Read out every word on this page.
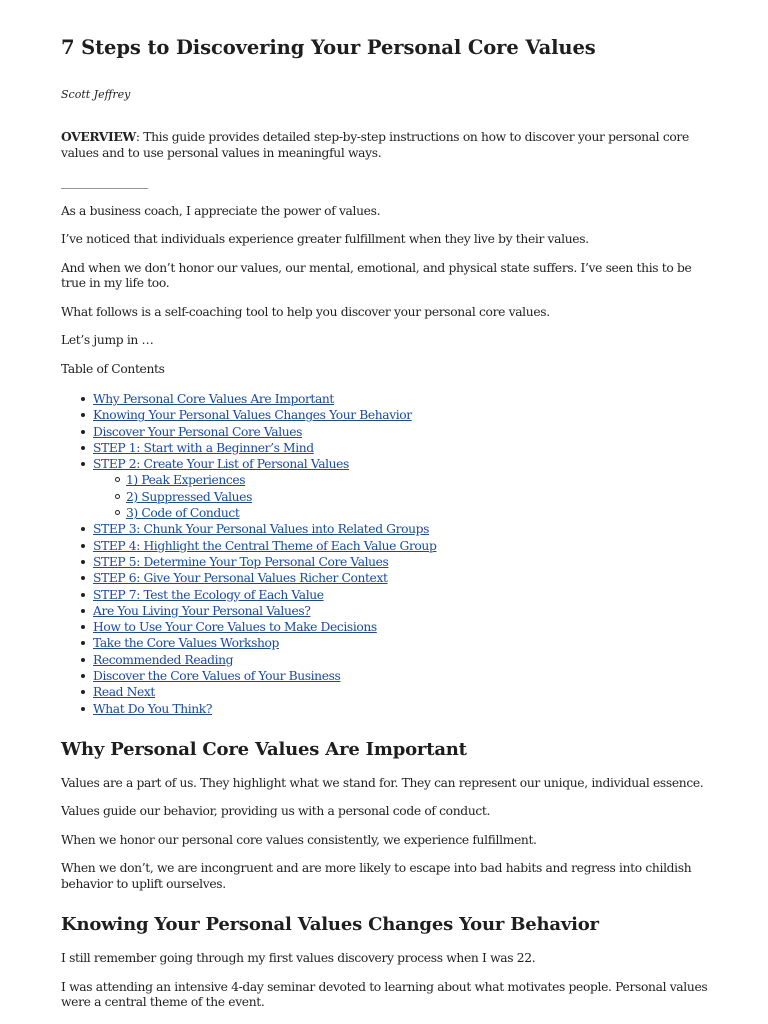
7 Steps to Discovering Your Personal Core Values
Scott Jeffrey

OVERVIEW: This guide provides detailed step-by-step instructions on how to discover your personal core values and to use personal values in meaningful ways.

_______________

As a business coach, I appreciate the power of values.

I’ve noticed that individuals experience greater fulfillment when they live by their values.

And when we don’t honor our values, our mental, emotional, and physical state suffers. I’ve seen this to be true in my life too.

What follows is a self-coaching tool to help you discover your personal core values.

Let’s jump in …

Table of Contents

Why Personal Core Values Are Important
Knowing Your Personal Values Changes Your Behavior
Discover Your Personal Core Values
STEP 1: Start with a Beginner’s Mind
STEP 2: Create Your List of Personal Values
1) Peak Experiences
2) Suppressed Values
3) Code of Conduct
STEP 3: Chunk Your Personal Values into Related Groups
STEP 4: Highlight the Central Theme of Each Value Group
STEP 5: Determine Your Top Personal Core Values
STEP 6: Give Your Personal Values Richer Context
STEP 7: Test the Ecology of Each Value
Are You Living Your Personal Values?
How to Use Your Core Values to Make Decisions
Take the Core Values Workshop
Recommended Reading
Discover the Core Values of Your Business
Read Next
What Do You Think?
Why Personal Core Values Are Important

Values are a part of us. They highlight what we stand for. They can represent our unique, individual essence.

Values guide our behavior, providing us with a personal code of conduct.

When we honor our personal core values consistently, we experience fulfillment.

When we don’t, we are incongruent and are more likely to escape into bad habits and regress into childish behavior to uplift ourselves.

Knowing Your Personal Values Changes Your Behavior

I still remember going through my first values discovery process when I was 22.

I was attending an intensive 4-day seminar devoted to learning about what motivates people. Personal values were a central theme of the event.
